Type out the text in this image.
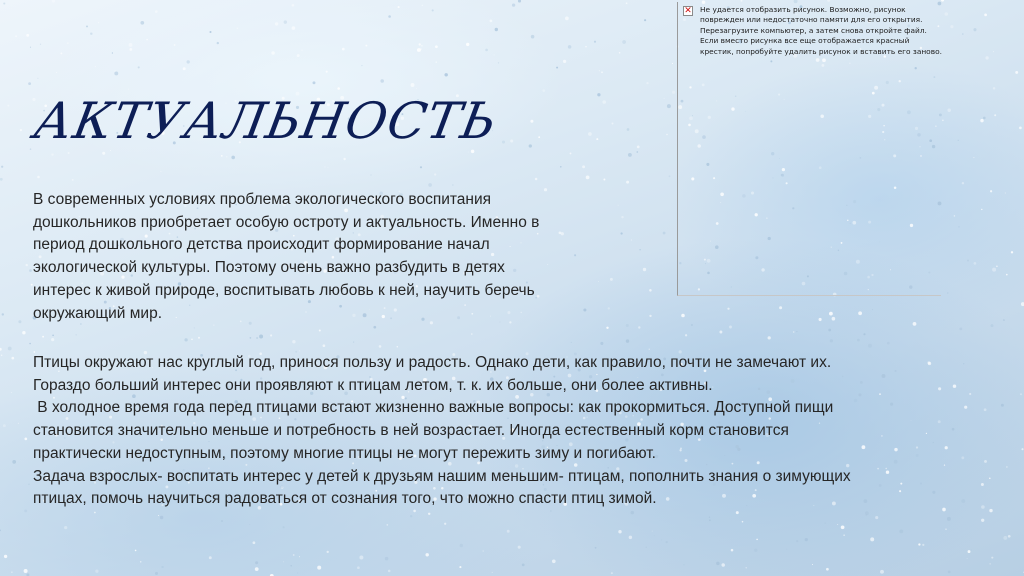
АКТУАЛЬНОСТЬ

В современных условиях проблема экологического воспитания

дошкольников приобретает особую остроту и актуальность. Именно в

период дошкольного детства происходит формирование начал

экологической культуры. Поэтому очень важно разбудить в детях

интерес к живой природе, воспитывать любовь к ней, научить беречь

окружающий мир.

Птицы окружают нас круглый год, принося пользу и радость. Однако дети, как правило, почти не замечают их.

Гораздо больший интерес они проявляют к птицам летом, т. к. их больше, они более активны.

В холодное время года перед птицами встают жизненно важные вопросы: как прокормиться. Доступной пищи

становится значительно меньше и потребность в ней возрастает. Иногда естественный корм становится

практически недоступным, поэтому многие птицы не могут пережить зиму и погибают.

Задача взрослых- воспитать интерес у детей к друзьям нашим меньшим- птицам, пополнить знания о зимующих

птицах, помочь научиться радоваться от сознания того, что можно спасти птиц зимой.

✕ Не удается отобразить рисунок. Возможно, рисунок

поврежден или недостаточно памяти для его открытия.

Перезагрузите компьютер, а затем снова откройте файл.

Если вместо рисунка все еще отображается красный

крестик, попробуйте удалить рисунок и вставить его заново.
